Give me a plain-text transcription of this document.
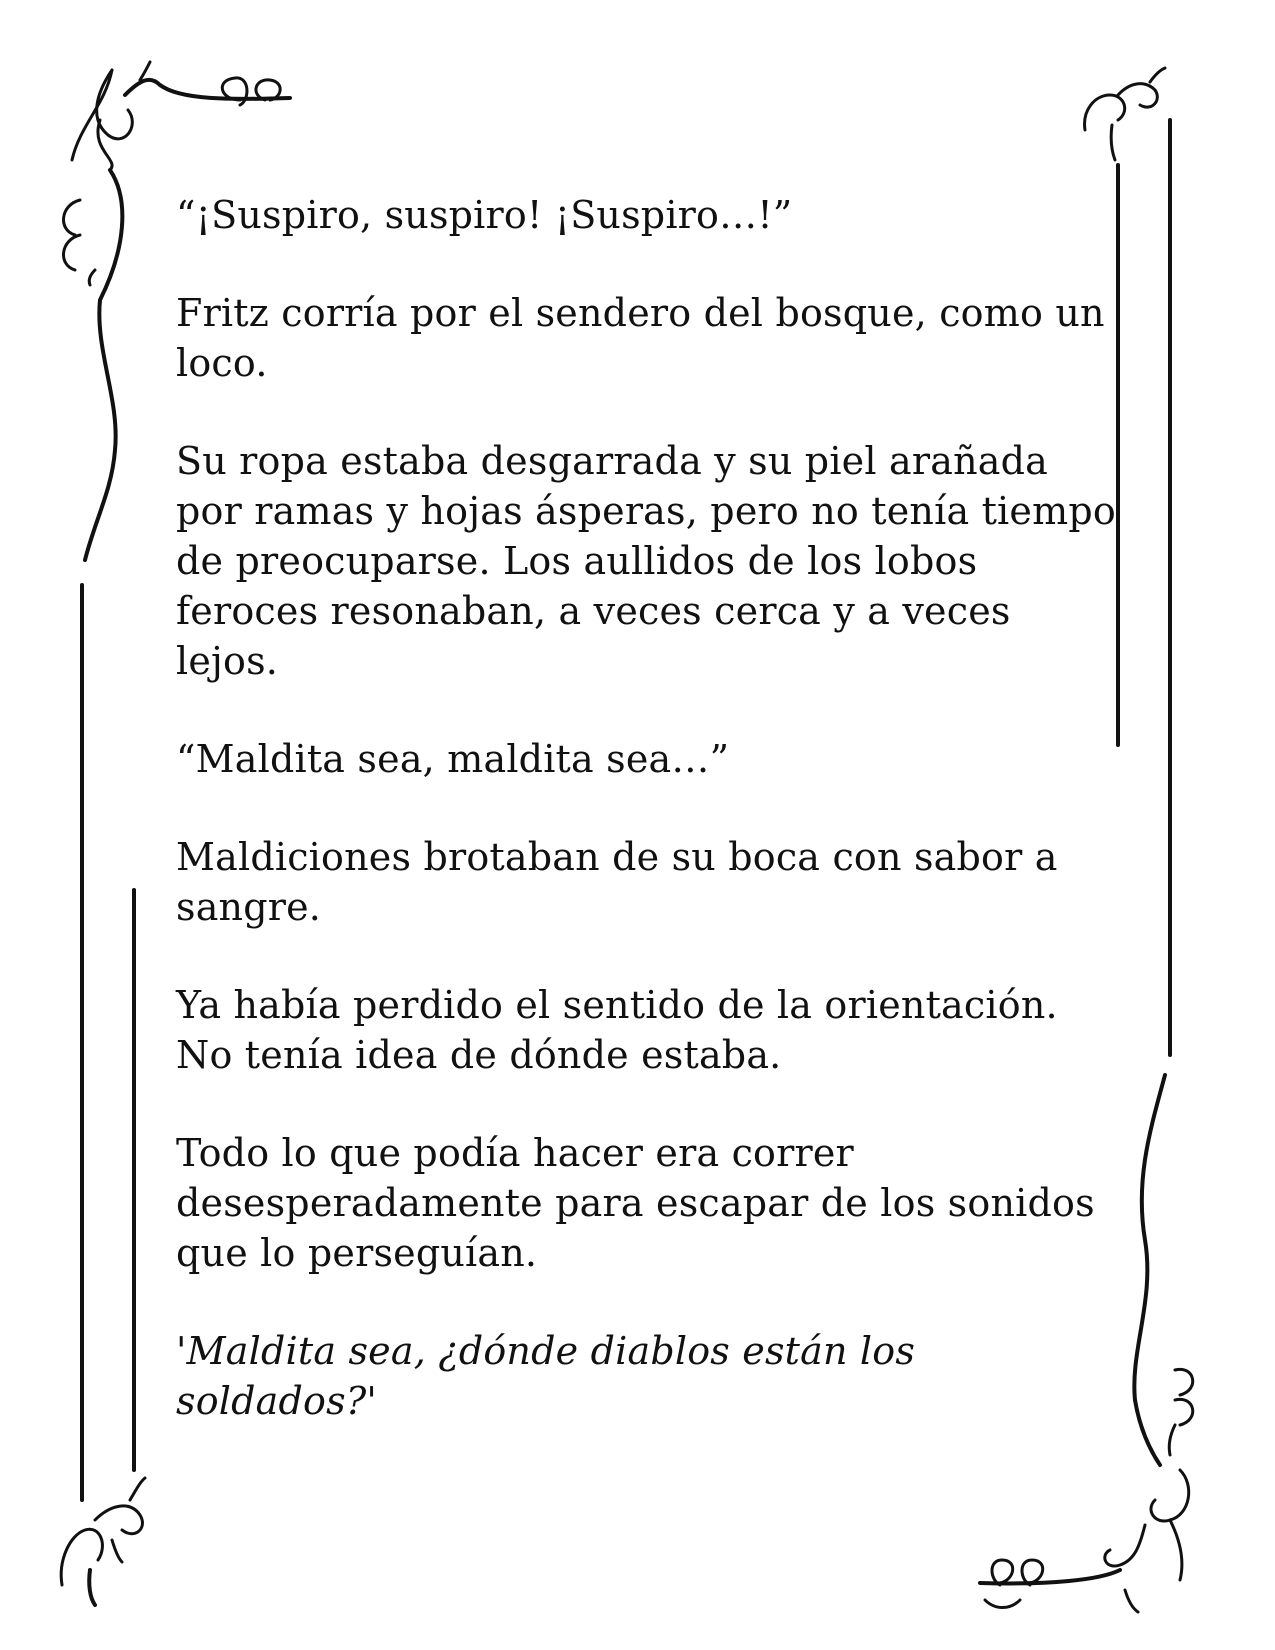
“¡Suspiro, suspiro! ¡Suspiro…!”

Fritz corría por el sendero del bosque, como un loco.

Su ropa estaba desgarrada y su piel arañada por ramas y hojas ásperas, pero no tenía tiempo de preocuparse. Los aullidos de los lobos feroces resonaban, a veces cerca y a veces lejos.

“Maldita sea, maldita sea…”

Maldiciones brotaban de su boca con sabor a sangre.

Ya había perdido el sentido de la orientación. No tenía idea de dónde estaba.

Todo lo que podía hacer era correr desesperadamente para escapar de los sonidos que lo perseguían.

'Maldita sea, ¿dónde diablos están los soldados?'
